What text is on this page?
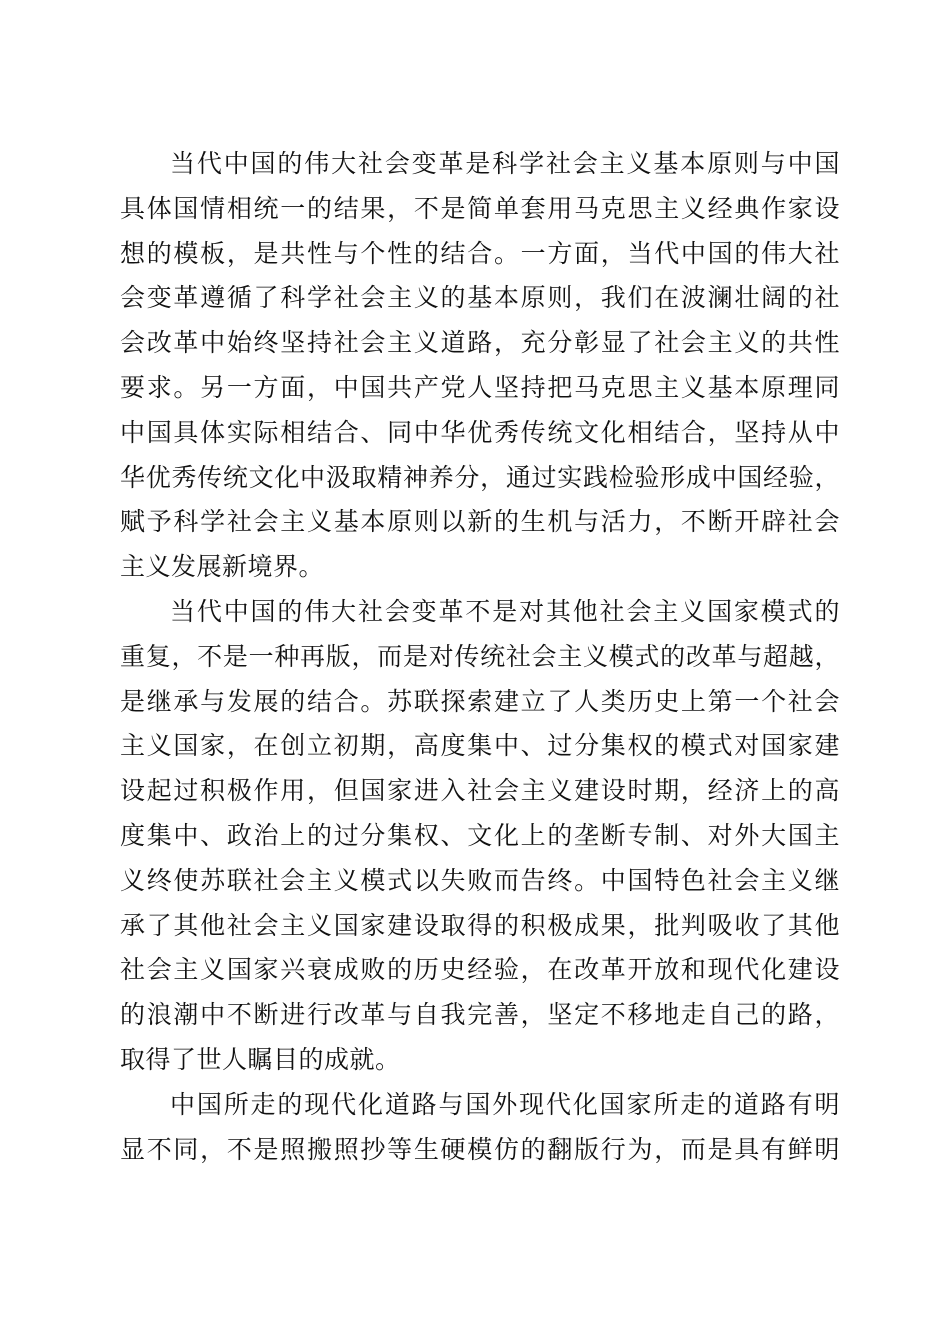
当代中国的伟大社会变革是科学社会主义基本原则与中国
具体国情相统一的结果，不是简单套用马克思主义经典作家设
想的模板，是共性与个性的结合。一方面，当代中国的伟大社
会变革遵循了科学社会主义的基本原则，我们在波澜壮阔的社
会改革中始终坚持社会主义道路，充分彰显了社会主义的共性
要求。另一方面，中国共产党人坚持把马克思主义基本原理同
中国具体实际相结合、同中华优秀传统文化相结合，坚持从中
华优秀传统文化中汲取精神养分，通过实践检验形成中国经验，
赋予科学社会主义基本原则以新的生机与活力，不断开辟社会
主义发展新境界。
当代中国的伟大社会变革不是对其他社会主义国家模式的
重复，不是一种再版，而是对传统社会主义模式的改革与超越，
是继承与发展的结合。苏联探索建立了人类历史上第一个社会
主义国家，在创立初期，高度集中、过分集权的模式对国家建
设起过积极作用，但国家进入社会主义建设时期，经济上的高
度集中、政治上的过分集权、文化上的垄断专制、对外大国主
义终使苏联社会主义模式以失败而告终。中国特色社会主义继
承了其他社会主义国家建设取得的积极成果，批判吸收了其他
社会主义国家兴衰成败的历史经验，在改革开放和现代化建设
的浪潮中不断进行改革与自我完善，坚定不移地走自己的路，
取得了世人瞩目的成就。
中国所走的现代化道路与国外现代化国家所走的道路有明
显不同，不是照搬照抄等生硬模仿的翻版行为，而是具有鲜明
